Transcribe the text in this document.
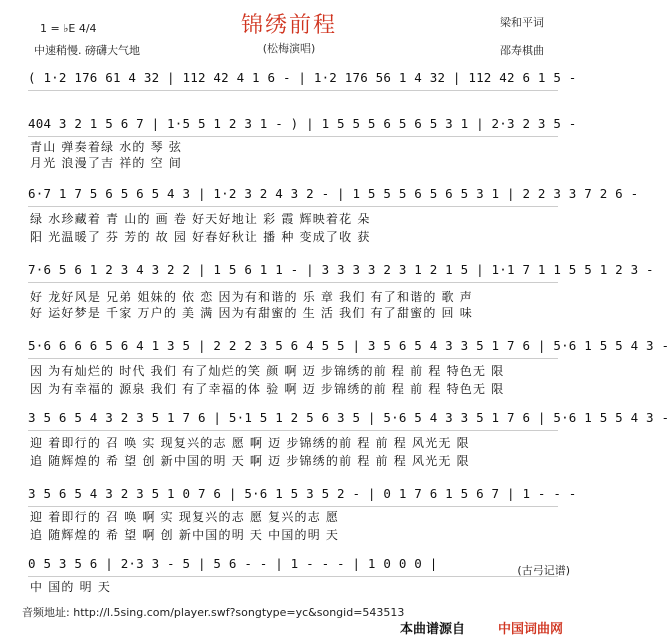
1 = ♭E 4/4
中速稍慢. 磅礴大气地
锦绣前程
(松梅演唱)
梁和平词
邵寿棋曲
( 1·2 176 61 4 32 | 112 42 4 1 6 - | 1·2 176 56 1 4 32 | 112 42 6 1 5 -
404 3 2 1 5 6 7 | 1·5 5 1 2 3 1 - ) | 1 5 5 5 6 5 6 5 3 1 | 2·3 2 3 5 -
青山 弹奏着绿 水的 琴 弦
月光 浪漫了吉 祥的 空 间
6·7 1 7 5 6 5 6 5 4 3 | 1·2 3 2 4 3 2 - | 1 5 5 5 6 5 6 5 3 1 | 2 2 3 3 7 2 6 -
绿 水珍藏着 青 山的 画 卷 好天好地让 彩 霞 辉映着花 朵
阳 光温暖了 芬 芳的 故 园 好春好秋让 播 种 变成了收 获
7·6 5 6 1 2 3 4 3 2 2 | 1 5 6 1 1 - | 3 3 3 3 2 3 1 2 1 5 | 1·1 7 1 1 5 5 1 2 3 -
好 龙好风是 兄弟 姐妹的 依 恋 因为有和谐的 乐 章 我们 有了和谐的 歌 声
好 运好梦是 千家 万户的 美 满 因为有甜蜜的 生 活 我们 有了甜蜜的 回 味
5·6 6 6 6 5 6 4 1 3 5 | 2 2 2 3 5 6 4 5 5 | 3 5 6 5 4 3 3 5 1 7 6 | 5·6 1 5 5 4 3 -
因 为有灿烂的 时代 我们 有了灿烂的笑 颜 啊 迈 步锦绣的前 程 前 程 特色无 限
因 为有幸福的 源泉 我们 有了幸福的体 验 啊 迈 步锦绣的前 程 前 程 特色无 限
3 5 6 5 4 3 2 3 5 1 7 6 | 5·1 5 1 2 5 6 3 5 | 5·6 5 4 3 3 5 1 7 6 | 5·6 1 5 5 4 3 -
迎 着即行的 召 唤 实 现复兴的志 愿 啊 迈 步锦绣的前 程 前 程 风光无 限
追 随辉煌的 希 望 创 新中国的明 天 啊 迈 步锦绣的前 程 前 程 风光无 限
3 5 6 5 4 3 2 3 5 1 0 7 6 | 5·6 1 5 3 5 2 - | 0 1 7 6 1 5 6 7 | 1 - - -
迎 着即行的 召 唤 啊 实 现复兴的志 愿 复兴的志 愿
追 随辉煌的 希 望 啊 创 新中国的明 天 中国的明 天
0 5 3 5 6 | 2·3 3 - 5 | 5 6 - - | 1 - - - | 1 0 0 0 |
中 国的 明 天
(古弓记谱)
音频地址: http://l.5sing.com/player.swf?songtype=yc&songid=543513
本曲谱源自	中国词曲网
